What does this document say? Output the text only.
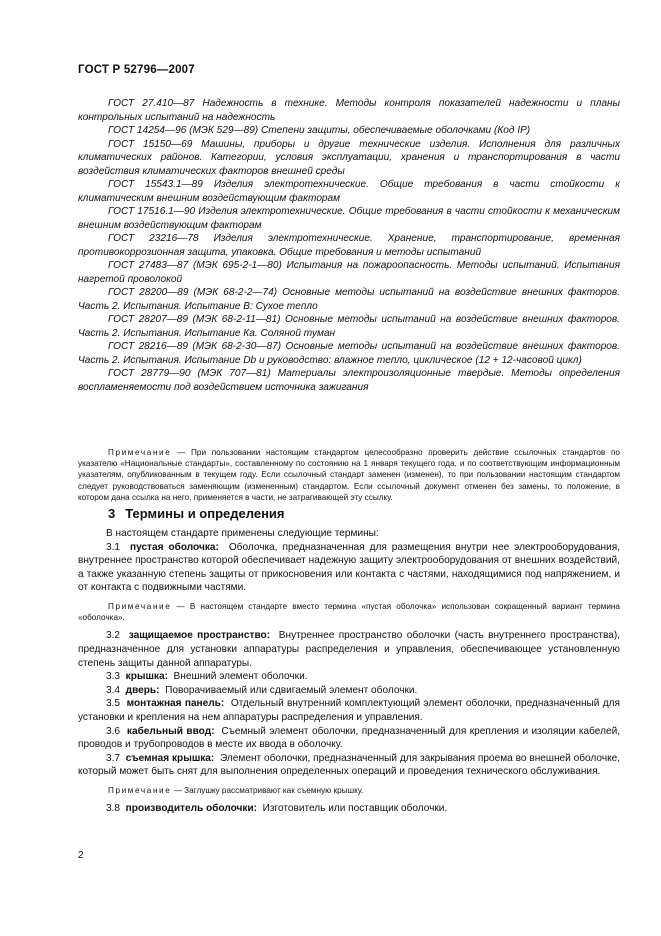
ГОСТ Р 52796—2007

ГОСТ 27.410—87 Надежность в технике. Методы контроля показателей надежности и планы контрольных испытаний на надежность

ГОСТ 14254—96 (МЭК 529—89) Степени защиты, обеспечиваемые оболочками (Код IP)

ГОСТ 15150—69 Машины, приборы и другие технические изделия. Исполнения для различных климатических районов. Категории, условия эксплуатации, хранения и транспортирования в части воздействия климатических факторов внешней среды

ГОСТ 15543.1—89 Изделия электротехнические. Общие требования в части стойкости к климатическим внешним воздействующим факторам

ГОСТ 17516.1—90 Изделия электротехнические. Общие требования в части стойкости к механическим внешним воздействующим факторам

ГОСТ 23216—78 Изделия электротехнические. Хранение, транспортирование, временная противокоррозионная защита, упаковка. Общие требования и методы испытаний

ГОСТ 27483—87 (МЭК 695-2-1—80) Испытания на пожароопасность. Методы испытаний. Испытания нагретой проволокой

ГОСТ 28200—89 (МЭК 68-2-2—74) Основные методы испытаний на воздействие внешних факторов. Часть 2. Испытания. Испытание В: Сухое тепло

ГОСТ 28207—89 (МЭК 68-2-11—81) Основные методы испытаний на воздействие внешних факторов. Часть 2. Испытания. Испытание Ка. Соляной туман

ГОСТ 28216—89 (МЭК 68-2-30—87) Основные методы испытаний на воздействие внешних факторов. Часть 2. Испытания. Испытание Db и руководство: влажное тепло, циклическое (12 + 12-часовой цикл)

ГОСТ 28779—90 (МЭК 707—81) Материалы электроизоляционные твердые. Методы определения воспламеняемости под воздействием источника зажигания

Примечание — При пользовании настоящим стандартом целесообразно проверить действие ссылочных стандартов по указателю «Национальные стандарты», составленному по состоянию на 1 января текущего года, и по соответствующим информационным указателям, опубликованным в текущем году. Если ссылочный стандарт заменен (изменен), то при пользовании настоящим стандартом следует руководствоваться заменяющим (измененным) стандартом. Если ссылочный документ отменен без замены, то положение, в котором дана ссылка на него, применяется в части, не затрагивающей эту ссылку.

3 Термины и определения

В настоящем стандарте применены следующие термины:

3.1 пустая оболочка: Оболочка, предназначенная для размещения внутри нее электрооборудования, внутреннее пространство которой обеспечивает надежную защиту электрооборудования от внешних воздействий, а также указанную степень защиты от прикосновения или контакта с частями, находящимися под напряжением, и от контакта с подвижными частями.

Примечание — В настоящем стандарте вместо термина «пустая оболочка» использован сокращенный вариант термина «оболочка».

3.2 защищаемое пространство: Внутреннее пространство оболочки (часть внутреннего пространства), предназначенное для установки аппаратуры распределения и управления, обеспечивающее установленную степень защиты данной аппаратуры.

3.3 крышка: Внешний элемент оболочки.

3.4 дверь: Поворачиваемый или сдвигаемый элемент оболочки.

3.5 монтажная панель: Отдельный внутренний комплектующий элемент оболочки, предназначенный для установки и крепления на нем аппаратуры распределения и управления.

3.6 кабельный ввод: Съемный элемент оболочки, предназначенный для крепления и изоляции кабелей, проводов и трубопроводов в месте их ввода в оболочку.

3.7 съемная крышка: Элемент оболочки, предназначенный для закрывания проема во внешней оболочке, который может быть снят для выполнения определенных операций и проведения технического обслуживания.

Примечание — Заглушку рассматривают как съемную крышку.

3.8 производитель оболочки: Изготовитель или поставщик оболочки.

2
